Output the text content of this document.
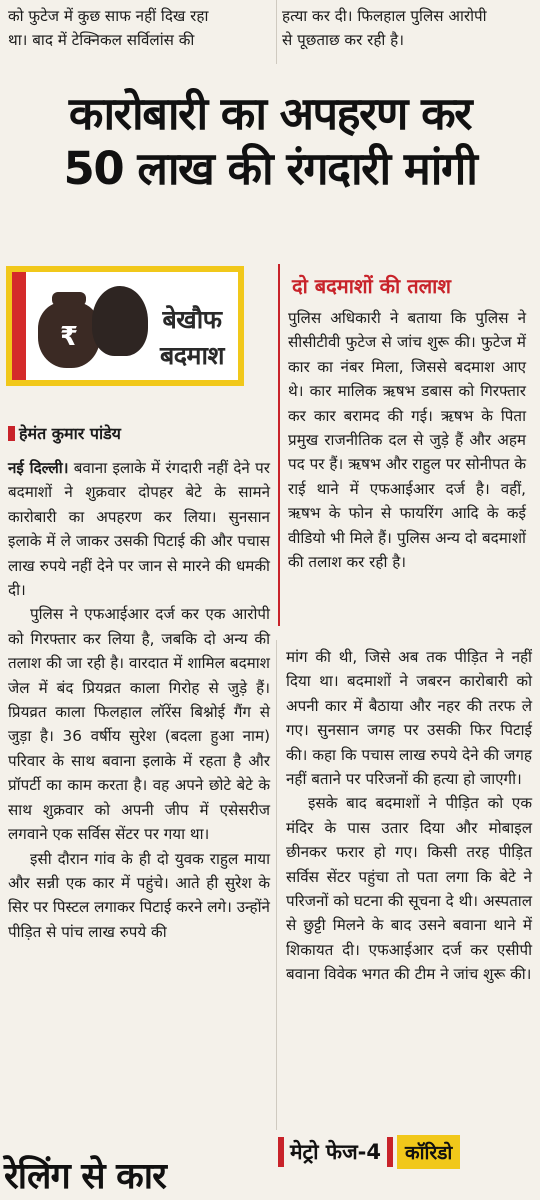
को फुटेज में कुछ साफ नहीं दिख रहा
था। बाद में टेक्निकल सर्विलांस की
हत्या कर दी। फिलहाल पुलिस आरोपी
से पूछताछ कर रही है।
कारोबारी का अपहरण कर
50 लाख की रंगदारी मांगी
₹
बेखौफ
बदमाश
हेमंत कुमार पांडेय

नई दिल्ली। बवाना इलाके में रंगदारी नहीं देने पर बदमाशों ने शुक्रवार दोपहर बेटे के सामने कारोबारी का अपहरण कर लिया। सुनसान इलाके में ले जाकर उसकी पिटाई की और पचास लाख रुपये नहीं देने पर जान से मारने की धमकी दी।

पुलिस ने एफआईआर दर्ज कर एक आरोपी को गिरफ्तार कर लिया है, जबकि दो अन्य की तलाश की जा रही है। वारदात में शामिल बदमाश जेल में बंद प्रियव्रत काला गिरोह से जुड़े हैं। प्रियव्रत काला फिलहाल लॉरेंस बिश्नोई गैंग से जुड़ा है। 36 वर्षीय सुरेश (बदला हुआ नाम) परिवार के साथ बवाना इलाके में रहता है और प्रॉपर्टी का काम करता है। वह अपने छोटे बेटे के साथ शुक्रवार को अपनी जीप में एसेसरीज लगवाने एक सर्विस सेंटर पर गया था।

इसी दौरान गांव के ही दो युवक राहुल माया और सन्नी एक कार में पहुंचे। आते ही सुरेश के सिर पर पिस्टल लगाकर पिटाई करने लगे। उन्होंने पीड़ित से पांच लाख रुपये की

दो बदमाशों की तलाश
पुलिस अधिकारी ने बताया कि पुलिस ने सीसीटीवी फुटेज से जांच शुरू की। फुटेज में कार का नंबर मिला, जिससे बदमाश आए थे। कार मालिक ऋषभ डबास को गिरफ्तार कर कार बरामद की गई। ऋषभ के पिता प्रमुख राजनीतिक दल से जुड़े हैं और अहम पद पर हैं। ऋषभ और राहुल पर सोनीपत के राई थाने में एफआईआर दर्ज है। वहीं, ऋषभ के फोन से फायरिंग आदि के कई वीडियो भी मिले हैं। पुलिस अन्य दो बदमाशों की तलाश कर रही है।

मांग की थी, जिसे अब तक पीड़ित ने नहीं दिया था। बदमाशों ने जबरन कारोबारी को अपनी कार में बैठाया और नहर की तरफ ले गए। सुनसान जगह पर उसकी फिर पिटाई की। कहा कि पचास लाख रुपये देने की जगह नहीं बताने पर परिजनों की हत्या हो जाएगी।

इसके बाद बदमाशों ने पीड़ित को एक मंदिर के पास उतार दिया और मोबाइल छीनकर फरार हो गए। किसी तरह पीड़ित सर्विस सेंटर पहुंचा तो पता लगा कि बेटे ने परिजनों को घटना की सूचना दे थी। अस्पताल से छुट्टी मिलने के बाद उसने बवाना थाने में शिकायत दी। एफआईआर दर्ज कर एसीपी बवाना विवेक भगत की टीम ने जांच शुरू की।

रेलिंग से कार
मेट्रो फेज-4	कॉरिडो
